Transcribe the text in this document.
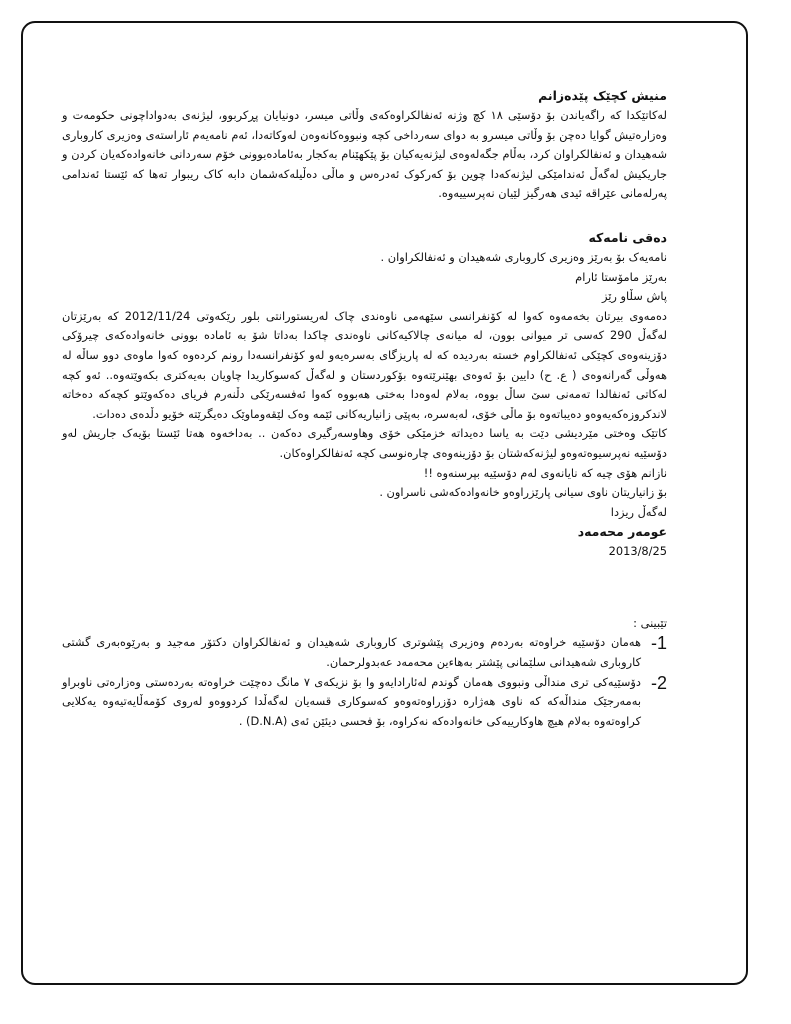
منیش کچێک پێدەزانم

لەکاتێکدا کە راگەیاندن بۆ دۆسێی ١٨ کچ وژنە ئەنفالکراوەکەی وڵاتی میسر، دونیایان پڕکربوو، لیژنەی بەدواداچونی حکومەت و وەزارەتیش گوایا دەچن بۆ وڵاتی میسرو بە دوای سەرداخی کچە ونبووەکانەوەن لەوکاتەدا، ئەم نامەیەم ئاراستەی وەزیری کاروباری شەهیدان و ئەنفالکراوان کرد، بەڵام جگەلەوەی لیژنەیەکیان بۆ پێکهێنام بەکجار بەئامادەبوونی خۆم سەردانی خانەوادەکەیان کردن و جاریکیش لەگەڵ ئەندامێکی لیژنەکەدا چوین بۆ کەرکوک ئەدرەس و ماڵی دەڵیلەکەشمان دابە کاک ریبوار تەها کە ئێستا ئەندامی پەرلەمانی عێراقە ئیدی هەرگیز لێیان نەپرسییەوە.

دەقی نامەکە

نامەیەک بۆ بەرێز وەزیری کاروباری شەهیدان و ئەنفالکراوان .

بەرێز مامۆستا ئارام

پاش سڵاو رێز

دەمەوی بیرتان بخەمەوە کەوا لە کۆنفرانسی سێهەمی ناوەندی چاک لەریستورانتی بلور رێکەوتی 2012/11/24 کە بەرێزتان لەگەڵ 290 کەسی تر میوانی بوون، لە میانەی چالاکیەکانی ناوەندی چاکدا بەداتا شۆ بە ئامادە بوونی خانەوادەکەی چیرۆکی دۆزینەوەی کچێکی ئەنفالکراوم خستە بەردیدە کە لە پاریزگای بەسرەیەو لەو کۆنفرانسەدا رونم کردەوە کەوا ماوەی دوو ساڵە لە هەوڵی گەرانەوەی ( ع. ح) دایین بۆ ئەوەی بهێنرێتەوە بۆکوردستان و لەگەڵ کەسوکاریدا چاویان بەیەکتری بکەوێتەوە.. ئەو کچە لەکاتی ئەنفالدا تەمەنی سێ ساڵ بووە، بەلام لەوەدا بەختی هەبووە کەوا ئەفسەرێکی دڵنەرم فریای دەکەوێتو کچەکە دەخاتە لاندکروزەکەیەوەو دەیباتەوە بۆ ماڵی خۆی، لەبەسرە، بەپێی زانیاریەکانی ئێمە وەک لێقەوماوێک دەیگرێتە خۆیو دڵدەی دەدات.

کاتێک وەختی مێردیشی دێت بە یاسا دەیداتە خزمێکی خۆی وهاوسەرگیری دەکەن .. بەداخەوە هەتا ئێستا بۆیەک جاریش لەو دۆسێیە نەپرسیوەتەوەو لیژنەکەشتان بۆ دۆزینەوەی چارەنوسی کچە ئەنفالکراوەکان.

نازانم هۆی چیە کە نایانەوی لەم دۆسێیە بپرسنەوە !!

بۆ زانیاریتان ناوی سیانی پارێزراوەو خانەوادەکەشی ناسراون .

لەگەڵ ریزدا

عومەر محەمەد

2013/8/25

تێبینی :

-1

هەمان دۆسێیە خراوەتە بەردەم وەزیری پێشوتری کاروباری شەهیدان و ئەنفالکراوان دکتۆر مەجید و بەرێوەبەری گشتی کاروباری شەهیدانی سلێمانی پێشتر بەهاءین محەمەد عەبدولرحمان.

-2

دۆسێیەکی تری منداڵی ونبووی هەمان گوندم لەئارادایەو وا بۆ نزیکەی ٧ مانگ دەچێت خراوەتە بەردەستی وەزارەتی ناوبراو بەمەرجێک منداڵەکە کە ناوی هەژارە دۆزراوەتەوەو کەسوکاری قسەیان لەگەڵدا کردووەو لەروی کۆمەڵایەتیەوە یەکلایی کراوەتەوە بەلام هیچ هاوکارییەکی خانەوادەکە نەکراوە، بۆ فحسی دیئێن ئەی (D.N.A) .
